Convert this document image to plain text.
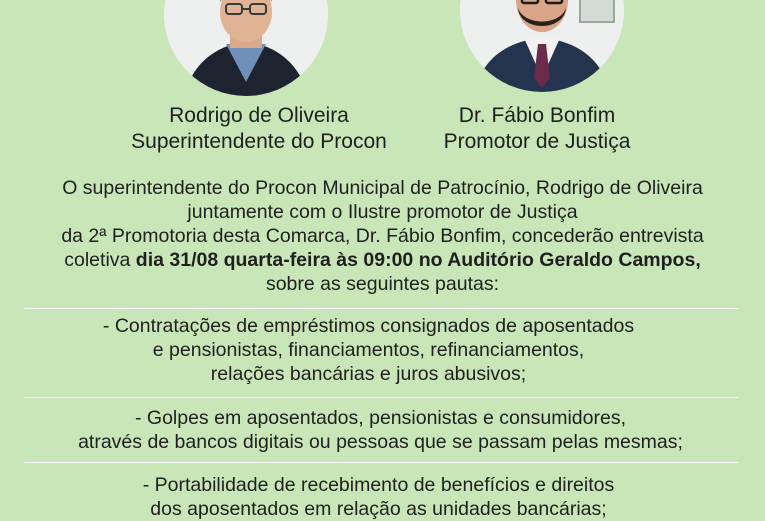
Rodrigo de Oliveira
Superintendente do Procon
Dr. Fábio Bonfim
Promotor de Justiça
O superintendente do Procon Municipal de Patrocínio, Rodrigo de Oliveira
juntamente com o Ilustre promotor de Justiça
da 2ª Promotoria desta Comarca, Dr. Fábio Bonfim, concederão entrevista
coletiva dia 31/08 quarta-feira às 09:00 no Auditório Geraldo Campos,
sobre as seguintes pautas:
- Contratações de empréstimos consignados de aposentados
e pensionistas, financiamentos, refinanciamentos,
relações bancárias e juros abusivos;
- Golpes em aposentados, pensionistas e consumidores,
através de bancos digitais ou pessoas que se passam pelas mesmas;
- Portabilidade de recebimento de benefícios e direitos
dos aposentados em relação as unidades bancárias;
